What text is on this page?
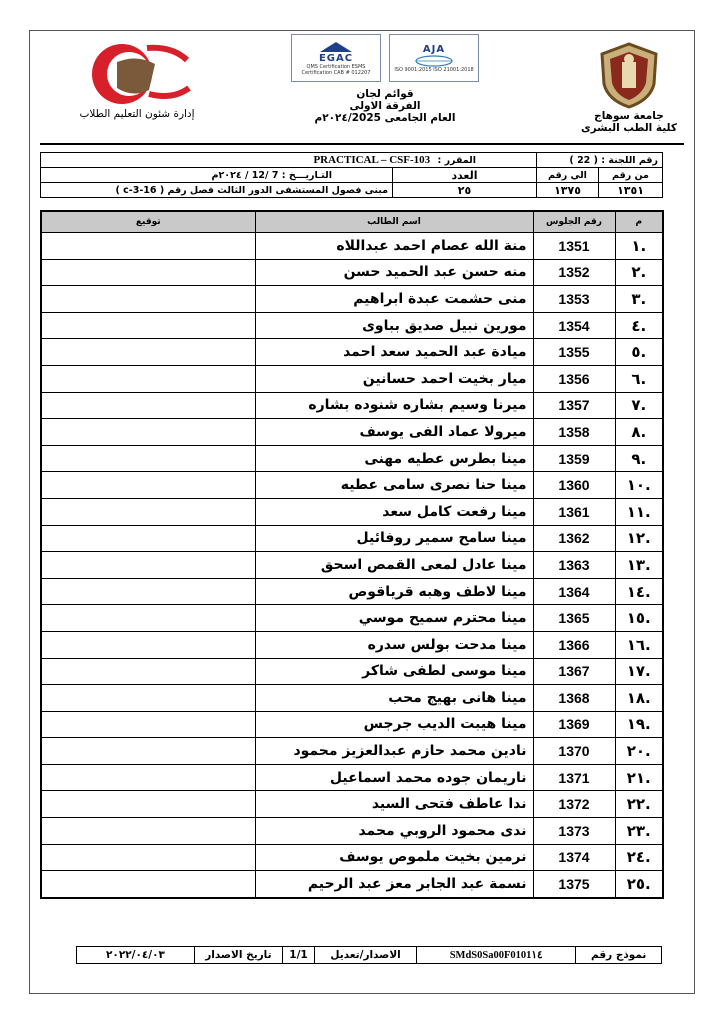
جامعة سوهاج
كلية الطب البشرى
AJA
ISO 9001:2015 ISO 21001:2018
EGAC
QMS Certification ESMS Certification CAB # 012207
قوائم لجان
الفرقة الاولى
العام الجامعى ٢٠٢٤/2025م
إدارة شئون التعليم الطلاب
رقم اللجنة : ( 22 )		المقرر : PRACTICAL – CSF-103	
من رقم	الي رقم	العدد	التـاريـــخ : 7 /12 / ٢٠٢٤م
١٣٥١	١٣٧٥	٢٥	مبنى فصول المستشفى الدور الثالث فصل رقم ( c-3-16 )
م	رقم الجلوس	اسم الطالب	توقيع
.١	1351	منة الله عصام احمد عبداللاه	
.٢	1352	منه حسن عبد الحميد حسن	
.٣	1353	منى حشمت عبدة ابراهيم	
.٤	1354	مورين نبيل صديق بباوى	
.٥	1355	ميادة عبد الحميد سعد احمد	
.٦	1356	ميار بخيت احمد حسانين	
.٧	1357	ميرنا وسيم بشاره شنوده بشاره	
.٨	1358	ميرولا عماد الفى يوسف	
.٩	1359	مينا بطرس عطيه مهنى	
.١٠	1360	مينا حنا نصرى سامى عطيه	
.١١	1361	مينا رفعت كامل سعد	
.١٢	1362	مينا سامح سمير روفائيل	
.١٣	1363	مينا عادل لمعى القمص اسحق	
.١٤	1364	مينا لاطف وهبه قرياقوص	
.١٥	1365	مينا محترم سميح موسي	
.١٦	1366	مينا مدحت بولس سدره	
.١٧	1367	مينا موسى لطفى شاكر	
.١٨	1368	مينا هانى بهيج محب	
.١٩	1369	مينا هيبت الديب جرجس	
.٢٠	1370	نادين محمد حازم عبدالعزيز محمود	
.٢١	1371	ناريمان جوده محمد اسماعيل	
.٢٢	1372	ندا عاطف فتحى السيد	
.٢٣	1373	ندى محمود الروبي محمد	
.٢٤	1374	نرمين بخيت ملموص يوسف	
.٢٥	1375	نسمة عبد الجابر معز عبد الرحيم	
نموذج رقم	SMdS0Sa00F0101١٤	الاصدار/تعديل	1/1	تاريخ الاصدار	٢٠٢٢/٠٤/٠٣
